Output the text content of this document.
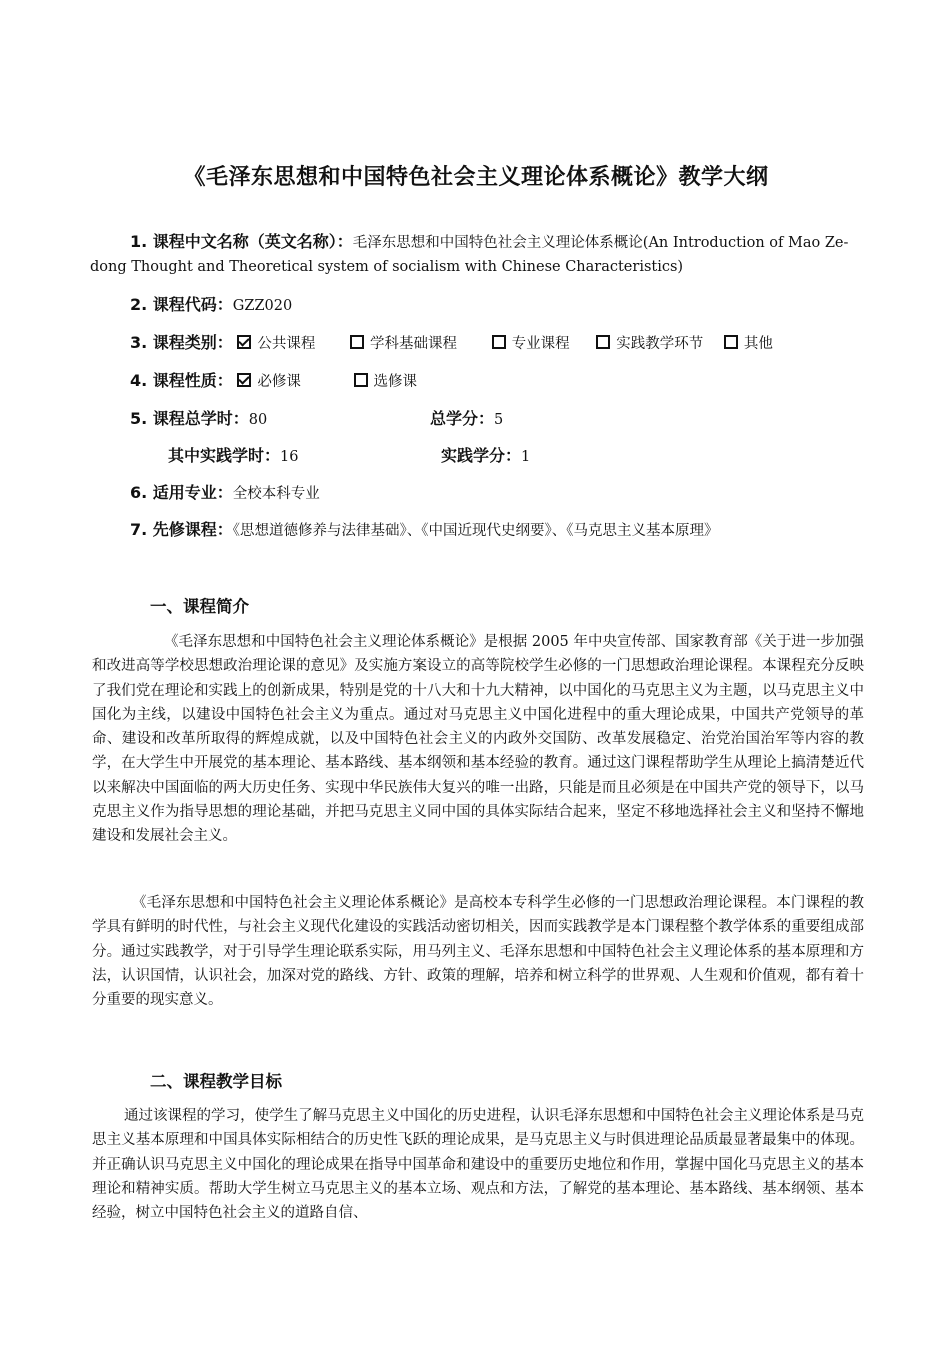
《毛泽东思想和中国特色社会主义理论体系概论》教学大纲
1. 课程中文名称（英文名称）：毛泽东思想和中国特色社会主义理论体系概论(An Introduction of Mao Ze-dong Thought and Theoretical system of socialism with Chinese Characteristics)
2. 课程代码：GZZ020
3. 课程类别： 公共课程	学科基础课程	专业课程	实践教学环节	其他
4. 课程性质： 必修课	选修课
5. 课程总学时：80	总学分：5
其中实践学时：16	实践学分：1
6. 适用专业：全校本科专业
7. 先修课程：《思想道德修养与法律基础》、《中国近现代史纲要》、《马克思主义基本原理》
一、课程简介
《毛泽东思想和中国特色社会主义理论体系概论》是根据 2005 年中央宣传部、国家教育部《关于进一步加强和改进高等学校思想政治理论课的意见》及实施方案设立的高等院校学生必修的一门思想政治理论课程。本课程充分反映了我们党在理论和实践上的创新成果，特别是党的十八大和十九大精神，以中国化的马克思主义为主题，以马克思主义中国化为主线，以建设中国特色社会主义为重点。通过对马克思主义中国化进程中的重大理论成果，中国共产党领导的革命、建设和改革所取得的辉煌成就，以及中国特色社会主义的内政外交国防、改革发展稳定、治党治国治军等内容的教学，在大学生中开展党的基本理论、基本路线、基本纲领和基本经验的教育。通过这门课程帮助学生从理论上搞清楚近代以来解决中国面临的两大历史任务、实现中华民族伟大复兴的唯一出路，只能是而且必须是在中国共产党的领导下，以马克思主义作为指导思想的理论基础，并把马克思主义同中国的具体实际结合起来，坚定不移地选择社会主义和坚持不懈地建设和发展社会主义。
《毛泽东思想和中国特色社会主义理论体系概论》是高校本专科学生必修的一门思想政治理论课程。本门课程的教学具有鲜明的时代性，与社会主义现代化建设的实践活动密切相关，因而实践教学是本门课程整个教学体系的重要组成部分。通过实践教学，对于引导学生理论联系实际，用马列主义、毛泽东思想和中国特色社会主义理论体系的基本原理和方法，认识国情，认识社会，加深对党的路线、方针、政策的理解，培养和树立科学的世界观、人生观和价值观，都有着十分重要的现实意义。
二、课程教学目标
通过该课程的学习，使学生了解马克思主义中国化的历史进程，认识毛泽东思想和中国特色社会主义理论体系是马克思主义基本原理和中国具体实际相结合的历史性飞跃的理论成果，是马克思主义与时俱进理论品质最显著最集中的体现。并正确认识马克思主义中国化的理论成果在指导中国革命和建设中的重要历史地位和作用，掌握中国化马克思主义的基本理论和精神实质。帮助大学生树立马克思主义的基本立场、观点和方法，了解党的基本理论、基本路线、基本纲领、基本经验，树立中国特色社会主义的道路自信、
